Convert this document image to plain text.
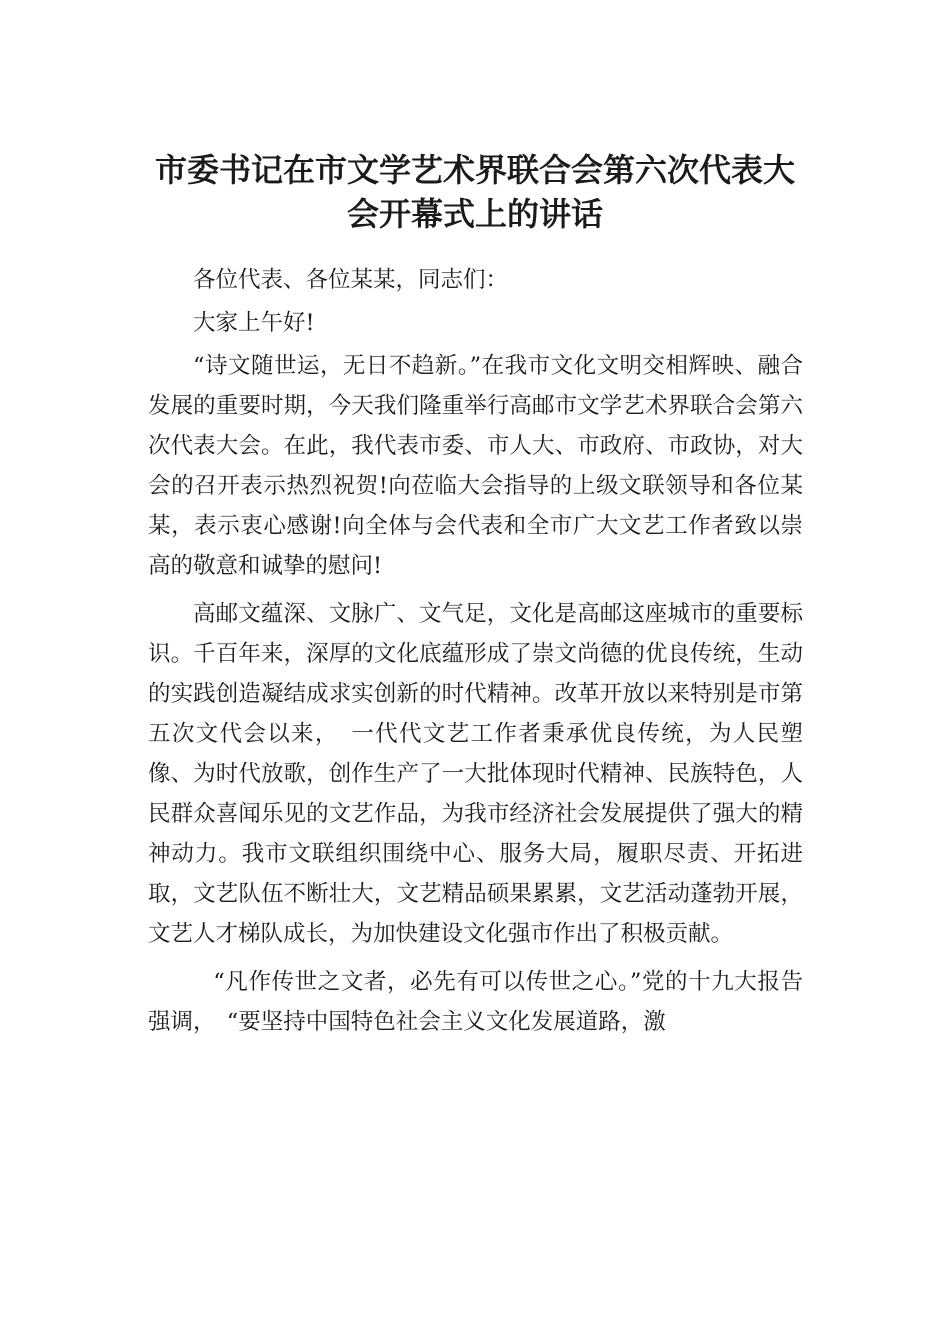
市委书记在市文学艺术界联合会第六次代表大会开幕式上的讲话

各位代表、各位某某，同志们：

大家上午好!

“诗文随世运，无日不趋新。”在我市文化文明交相辉映、融合发展的重要时期，今天我们隆重举行高邮市文学艺术界联合会第六次代表大会。在此，我代表市委、市人大、市政府、市政协，对大会的召开表示热烈祝贺!向莅临大会指导的上级文联领导和各位某某，表示衷心感谢!向全体与会代表和全市广大文艺工作者致以崇高的敬意和诚挚的慰问!

高邮文蕴深、文脉广、文气足，文化是高邮这座城市的重要标识。千百年来，深厚的文化底蕴形成了崇文尚德的优良传统，生动的实践创造凝结成求实创新的时代精神。改革开放以来特别是市第五次文代会以来，　一代代文艺工作者秉承优良传统，为人民塑像、为时代放歌，创作生产了一大批体现时代精神、民族特色，人民群众喜闻乐见的文艺作品，为我市经济社会发展提供了强大的精神动力。我市文联组织围绕中心、服务大局，履职尽责、开拓进取，文艺队伍不断壮大，文艺精品硕果累累，文艺活动蓬勃开展，文艺人才梯队成长，为加快建设文化强市作出了积极贡献。

“凡作传世之文者，必先有可以传世之心。”党的十九大报告强调，　“要坚持中国特色社会主义文化发展道路，激
